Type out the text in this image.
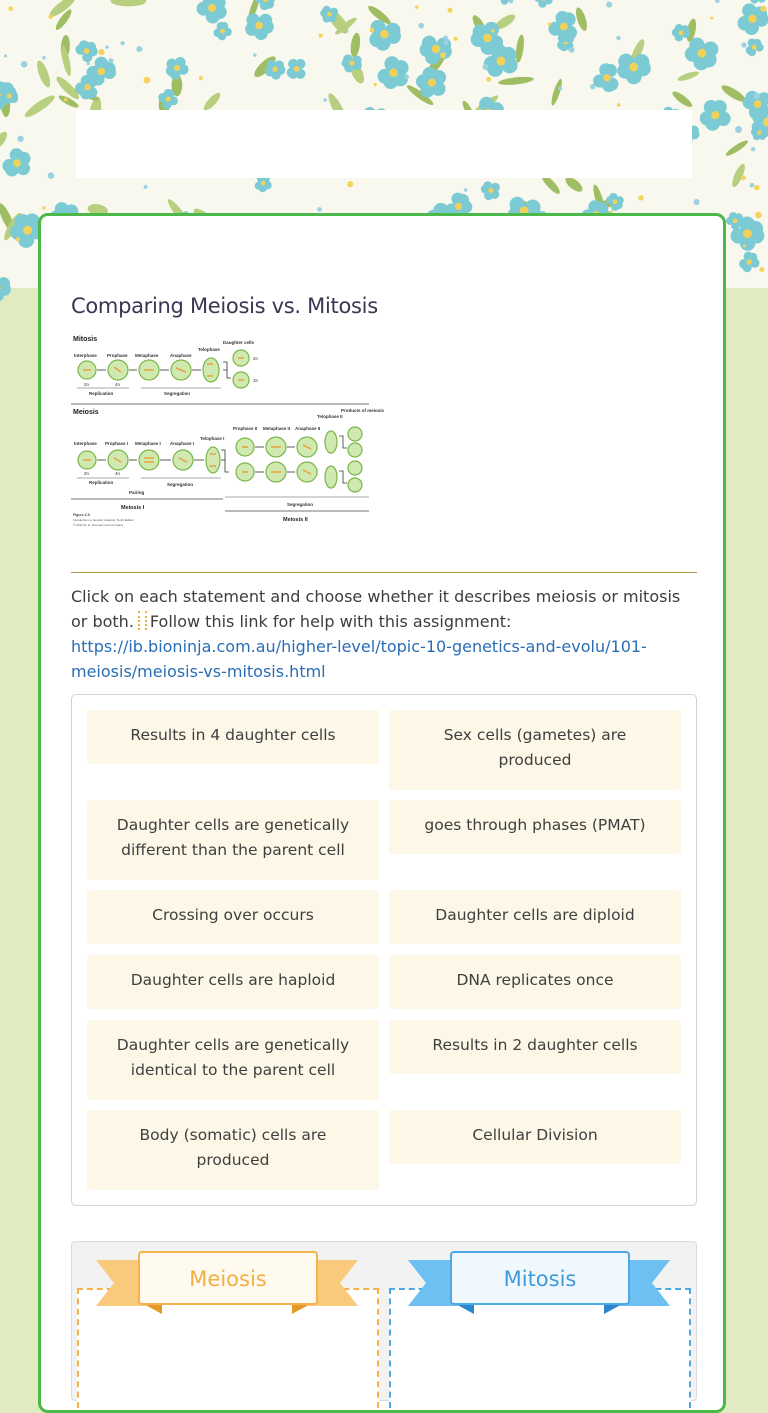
Comparing Meiosis vs. Mitosis
Mitosis
Interphase Prophase Metaphase	Anaphase
Telophase
Daughter cells
2n	4n
2n
2n
Replication	Segregation
Meiosis	Products of meiosis
Interphase Prophase I Metaphase I Anaphase I
Telophase I
Prophase II Metaphase II Anaphase II
Telophase II
2n	4n
Replication
Pairing
Segregation
Segregation
Meiosis I
Meiosis II
Figure 2-9
Introduction to Genetic Analysis, Tenth Edition
© 2012 W. H. Freeman and Company
Click on each statement and choose whether it describes meiosis or mitosis or both. Follow this link for help with this assignment:
https://ib.bioninja.com.au/higher-level/topic-10-genetics-and-evolu/101-meiosis/meiosis-vs-mitosis.html
Results in 4 daughter cells	Sex cells (gametes) are produced
Daughter cells are genetically different than the parent cell
goes through phases (PMAT)
Crossing over occurs	Daughter cells are diploid
Daughter cells are haploid	DNA replicates once
Daughter cells are genetically identical to the parent cell
Results in 2 daughter cells
Body (somatic) cells are produced
Cellular Division
Meiosis	Mitosis
